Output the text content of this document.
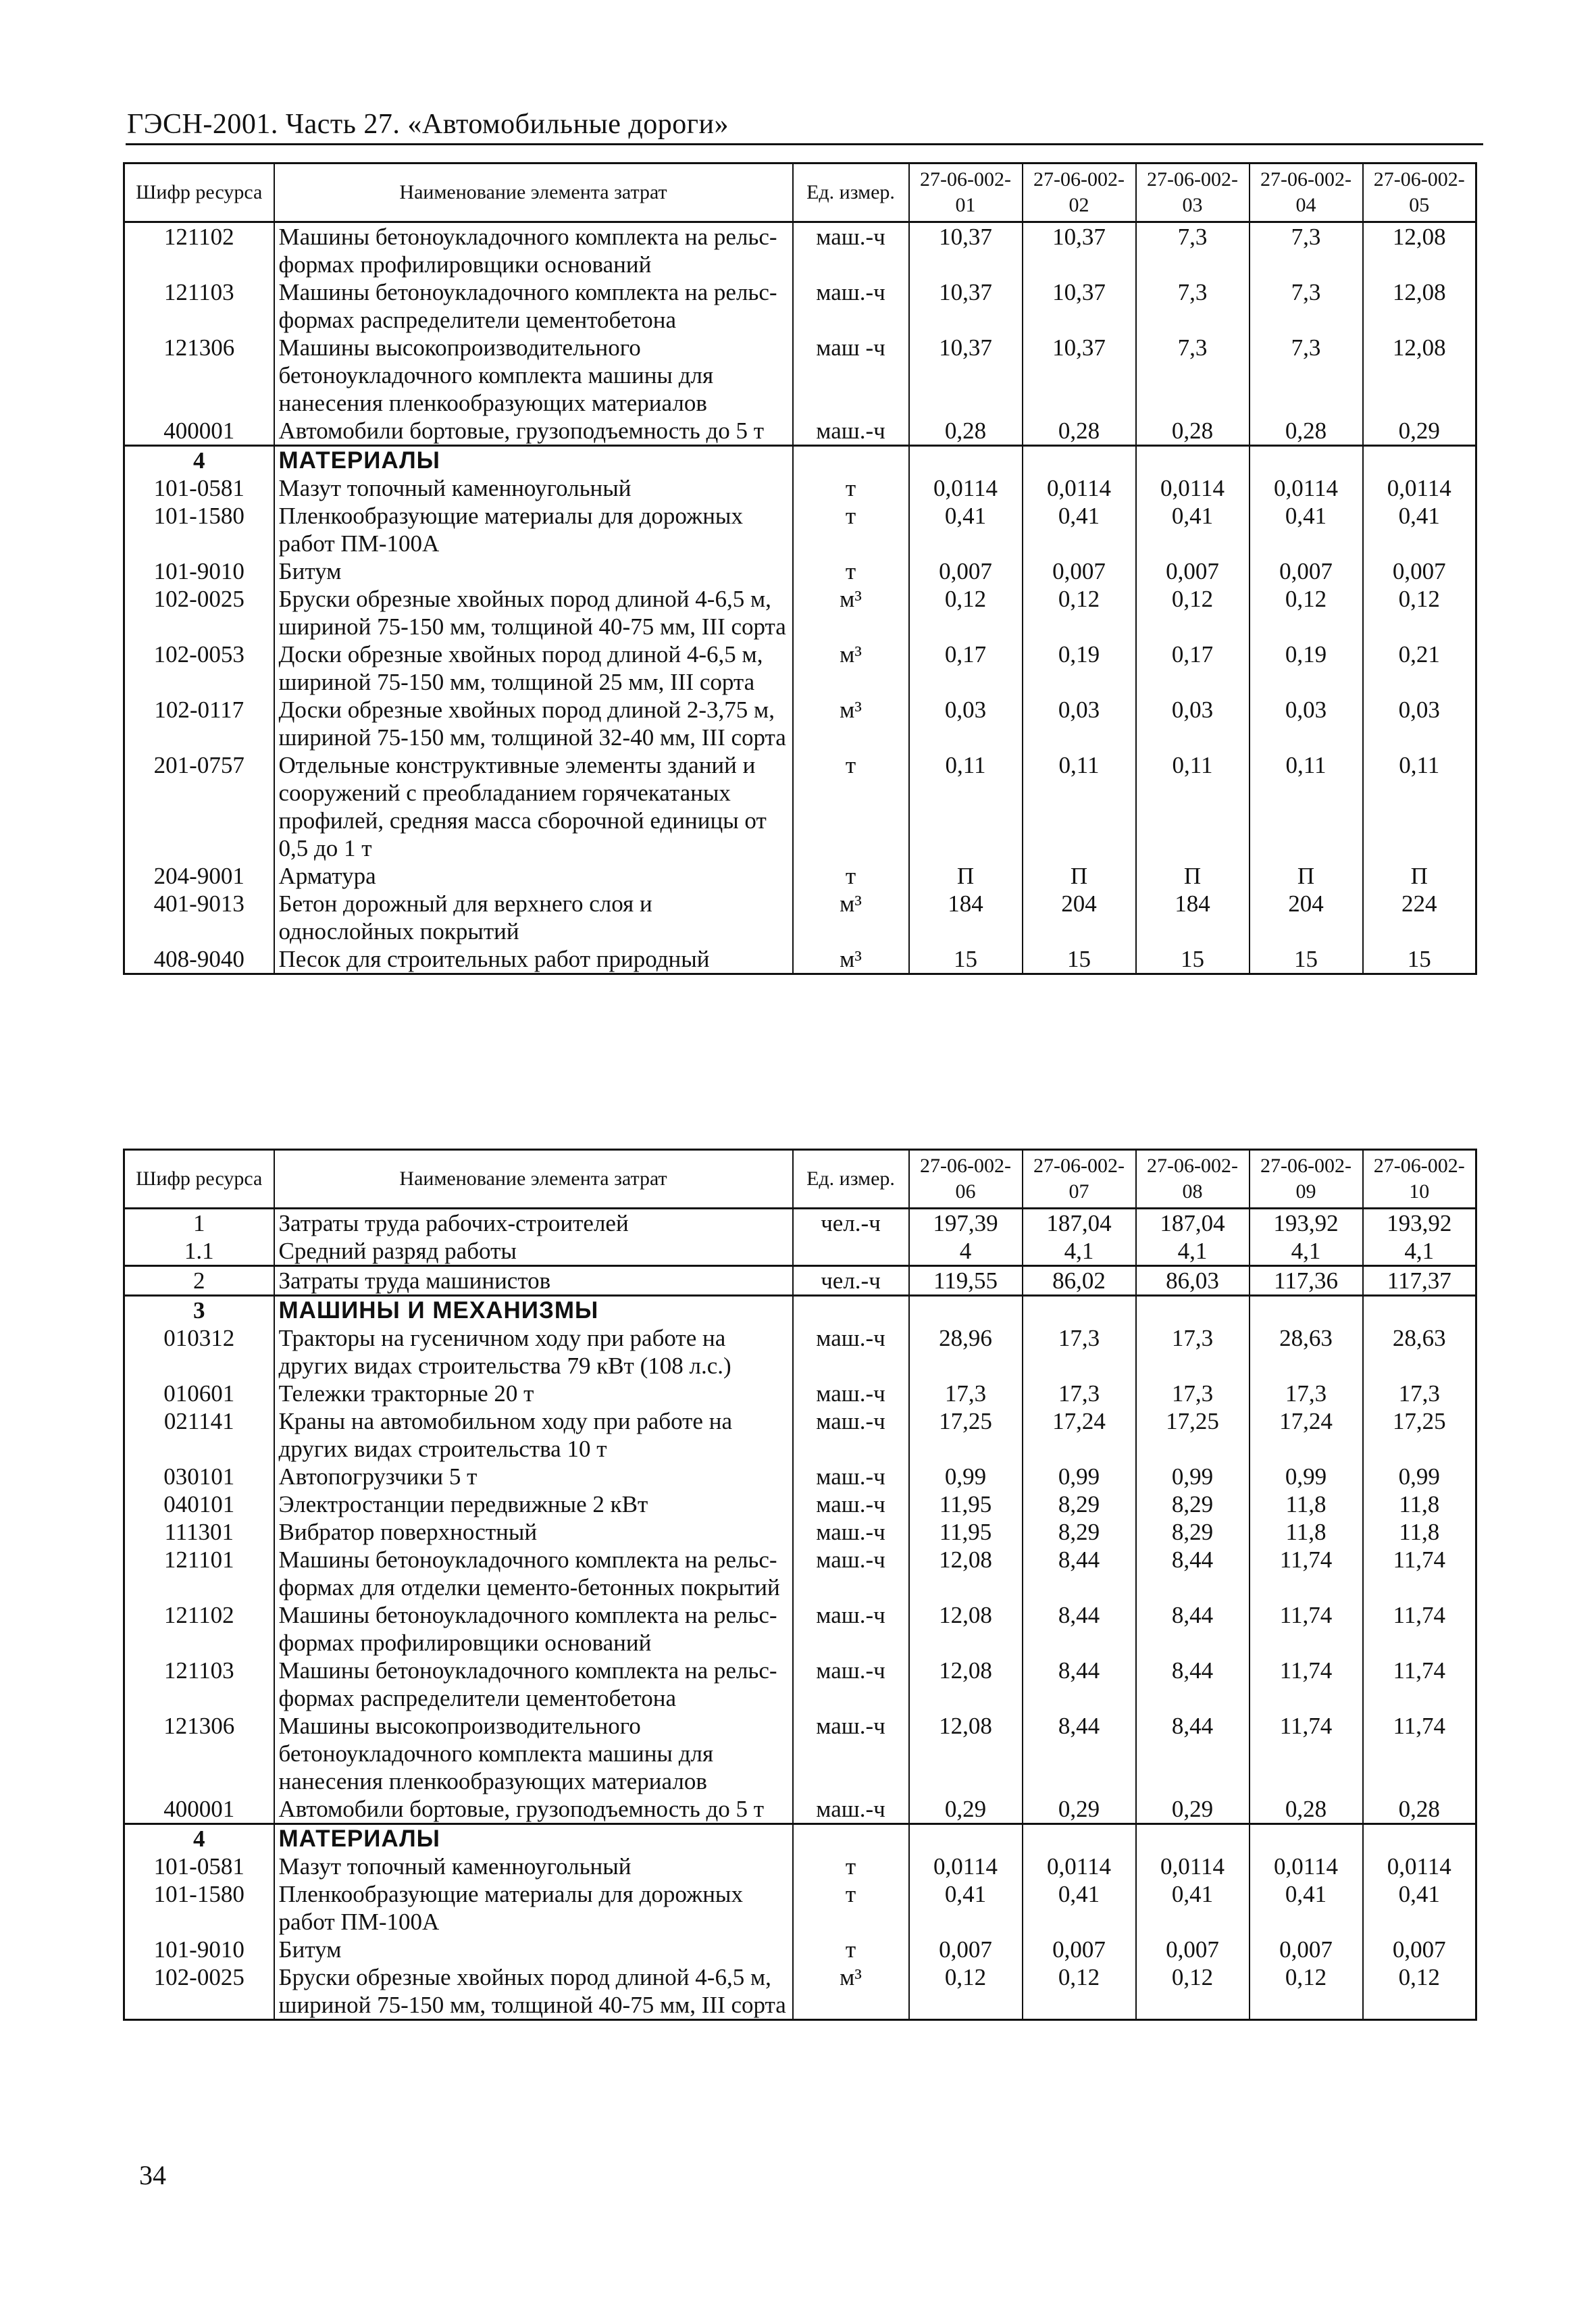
ГЭСН-2001. Часть 27. «Автомобильные дороги»
Шифр ресурса	Наименование элемента затрат	Ед. измер.	27-06-002-01	27-06-002-02	27-06-002-03	27-06-002-04	27-06-002-05
121102	Машины бетоноукладочного комплекта на рельс-формах профилировщики оснований	маш.-ч	10,37	10,37	7,3	7,3	12,08
121103	Машины бетоноукладочного комплекта на рельс-формах распределители цементобетона	маш.-ч	10,37	10,37	7,3	7,3	12,08
121306	Машины высокопроизводительного бетоноукладочного комплекта машины для нанесения пленкообразующих материалов	маш -ч	10,37	10,37	7,3	7,3	12,08
400001	Автомобили бортовые, грузоподъемность до 5 т	маш.-ч	0,28	0,28	0,28	0,28	0,29
4	МАТЕРИАЛЫ						
101-0581	Мазут топочный каменноугольный	т	0,0114	0,0114	0,0114	0,0114	0,0114
101-1580	Пленкообразующие материалы для дорожных работ ПМ-100А	т	0,41	0,41	0,41	0,41	0,41
101-9010	Битум	т	0,007	0,007	0,007	0,007	0,007
102-0025	Бруски обрезные хвойных пород длиной 4-6,5 м, шириной 75-150 мм, толщиной 40-75 мм, III сорта	м³	0,12	0,12	0,12	0,12	0,12
102-0053	Доски обрезные хвойных пород длиной 4-6,5 м, шириной 75-150 мм, толщиной 25 мм, III сорта	м³	0,17	0,19	0,17	0,19	0,21
102-0117	Доски обрезные хвойных пород длиной 2-3,75 м, шириной 75-150 мм, толщиной 32-40 мм, III сорта	м³	0,03	0,03	0,03	0,03	0,03
201-0757	Отдельные конструктивные элементы зданий и сооружений с преобладанием горячекатаных профилей, средняя масса сборочной единицы от 0,5 до 1 т	т	0,11	0,11	0,11	0,11	0,11
204-9001	Арматура	т	П	П	П	П	П
401-9013	Бетон дорожный для верхнего слоя и однослойных покрытий	м³	184	204	184	204	224
408-9040	Песок для строительных работ природный	м³	15	15	15	15	15
Шифр ресурса	Наименование элемента затрат	Ед. измер.	27-06-002-06	27-06-002-07	27-06-002-08	27-06-002-09	27-06-002-10
1	Затраты труда рабочих-строителей	чел.-ч	197,39	187,04	187,04	193,92	193,92
1.1	Средний разряд работы		4	4,1	4,1	4,1	4,1
2	Затраты труда машинистов	чел.-ч	119,55	86,02	86,03	117,36	117,37
3	МАШИНЫ И МЕХАНИЗМЫ						
010312	Тракторы на гусеничном ходу при работе на других видах строительства 79 кВт (108 л.с.)	маш.-ч	28,96	17,3	17,3	28,63	28,63
010601	Тележки тракторные 20 т	маш.-ч	17,3	17,3	17,3	17,3	17,3
021141	Краны на автомобильном ходу при работе на других видах строительства 10 т	маш.-ч	17,25	17,24	17,25	17,24	17,25
030101	Автопогрузчики 5 т	маш.-ч	0,99	0,99	0,99	0,99	0,99
040101	Электростанции передвижные 2 кВт	маш.-ч	11,95	8,29	8,29	11,8	11,8
111301	Вибратор поверхностный	маш.-ч	11,95	8,29	8,29	11,8	11,8
121101	Машины бетоноукладочного комплекта на рельс-формах для отделки цементо-бетонных покрытий	маш.-ч	12,08	8,44	8,44	11,74	11,74
121102	Машины бетоноукладочного комплекта на рельс-формах профилировщики оснований	маш.-ч	12,08	8,44	8,44	11,74	11,74
121103	Машины бетоноукладочного комплекта на рельс-формах распределители цементобетона	маш.-ч	12,08	8,44	8,44	11,74	11,74
121306	Машины высокопроизводительного бетоноукладочного комплекта машины для нанесения пленкообразующих материалов	маш.-ч	12,08	8,44	8,44	11,74	11,74
400001	Автомобили бортовые, грузоподъемность до 5 т	маш.-ч	0,29	0,29	0,29	0,28	0,28
4	МАТЕРИАЛЫ						
101-0581	Мазут топочный каменноугольный	т	0,0114	0,0114	0,0114	0,0114	0,0114
101-1580	Пленкообразующие материалы для дорожных работ ПМ-100А	т	0,41	0,41	0,41	0,41	0,41
101-9010	Битум	т	0,007	0,007	0,007	0,007	0,007
102-0025	Бруски обрезные хвойных пород длиной 4-6,5 м, шириной 75-150 мм, толщиной 40-75 мм, III сорта	м³	0,12	0,12	0,12	0,12	0,12
34
